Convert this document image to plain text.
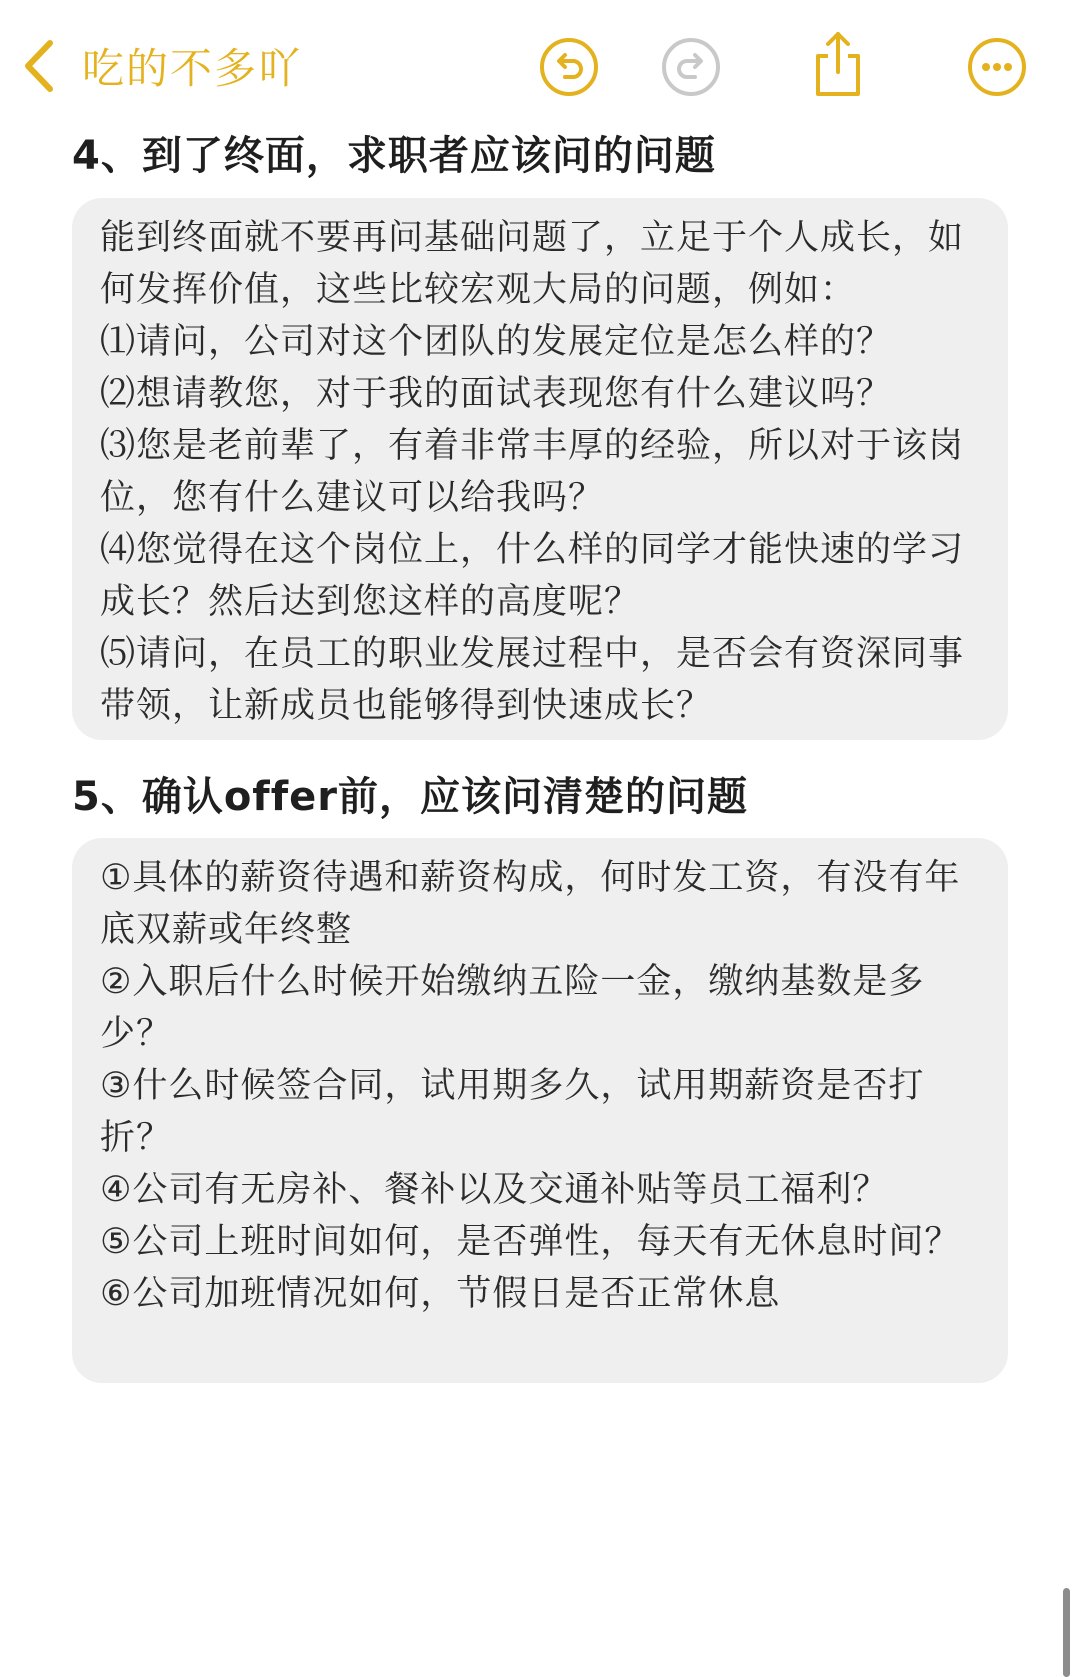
吃的不多吖
4、到了终面，求职者应该问的问题

能到终面就不要再问基础问题了，立足于个人成长，如何发挥价值，这些比较宏观大局的问题，例如：

⑴请问，公司对这个团队的发展定位是怎么样的？

⑵想请教您，对于我的面试表现您有什么建议吗？

⑶您是老前辈了，有着非常丰厚的经验，所以对于该岗位，您有什么建议可以给我吗？

⑷您觉得在这个岗位上，什么样的同学才能快速的学习成长？然后达到您这样的高度呢？

⑸请问，在员工的职业发展过程中，是否会有资深同事带领，让新成员也能够得到快速成长？

5、确认offer前，应该问清楚的问题

①具体的薪资待遇和薪资构成，何时发工资，有没有年底双薪或年终整

②入职后什么时候开始缴纳五险一金，缴纳基数是多少？

③什么时候签合同，试用期多久，试用期薪资是否打折？

④公司有无房补、餐补以及交通补贴等员工福利？

⑤公司上班时间如何，是否弹性，每天有无休息时间？

⑥公司加班情况如何，节假日是否正常休息
